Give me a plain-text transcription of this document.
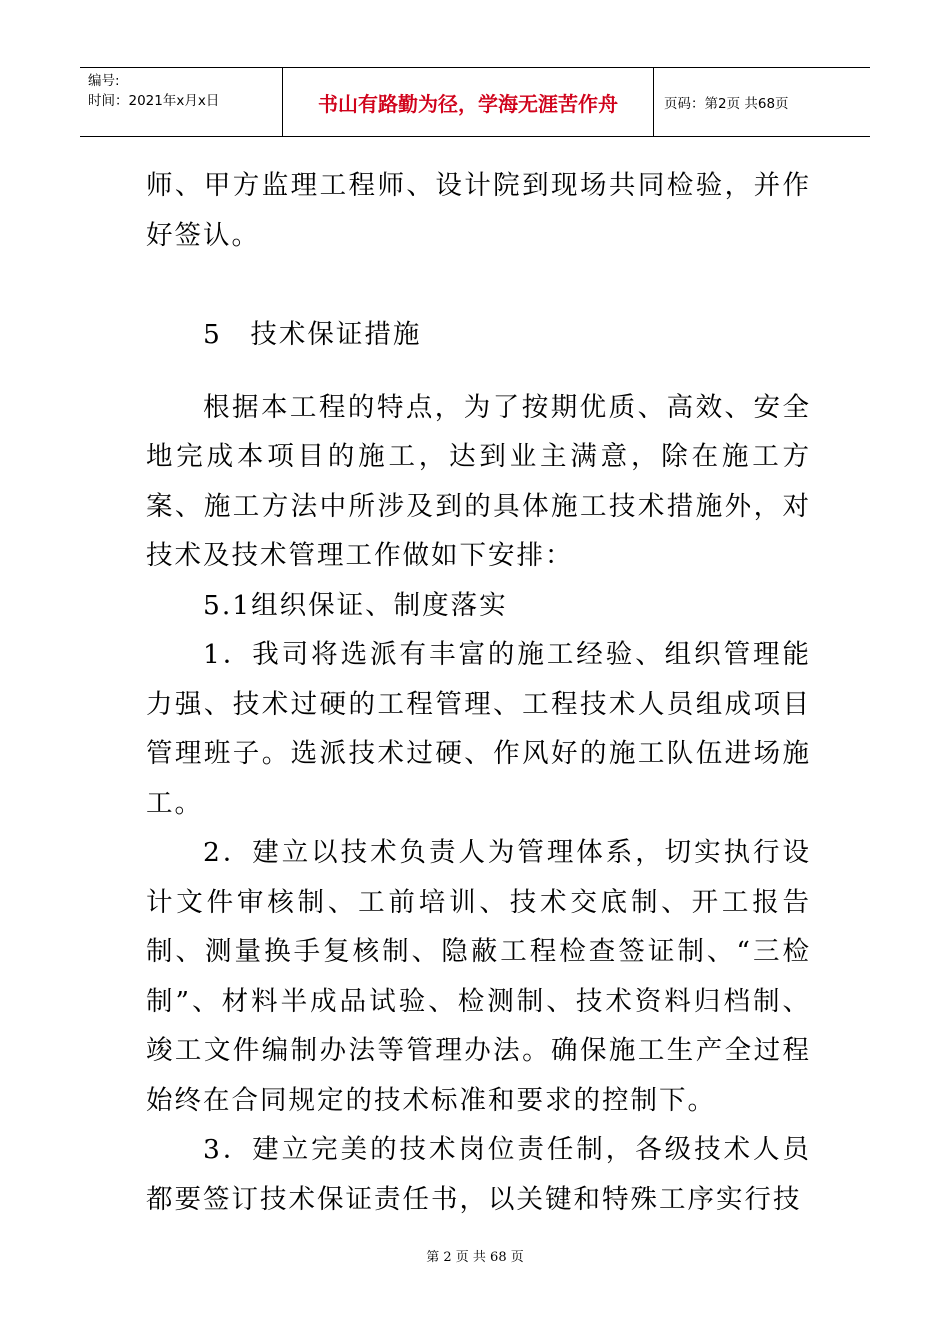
编号:
时间：2021年x月x日	书山有路勤为径，学海无涯苦作舟	页码：第2页 共68页

师、甲方监理工程师、设计院到现场共同检验，并作好签认。

5　技术保证措施

根据本工程的特点，为了按期优质、高效、安全地完成本项目的施工，达到业主满意，除在施工方案、施工方法中所涉及到的具体施工技术措施外，对技术及技术管理工作做如下安排：

5.1组织保证、制度落实

1．我司将选派有丰富的施工经验、组织管理能力强、技术过硬的工程管理、工程技术人员组成项目管理班子。选派技术过硬、作风好的施工队伍进场施工。

2．建立以技术负责人为管理体系，切实执行设计文件审核制、工前培训、技术交底制、开工报告制、测量换手复核制、隐蔽工程检查签证制、“三检制”、材料半成品试验、检测制、技术资料归档制、竣工文件编制办法等管理办法。确保施工生产全过程始终在合同规定的技术标准和要求的控制下。

3．建立完美的技术岗位责任制，各级技术人员都要签订技术保证责任书，以关键和特殊工序实行技

第 2 页 共 68 页
